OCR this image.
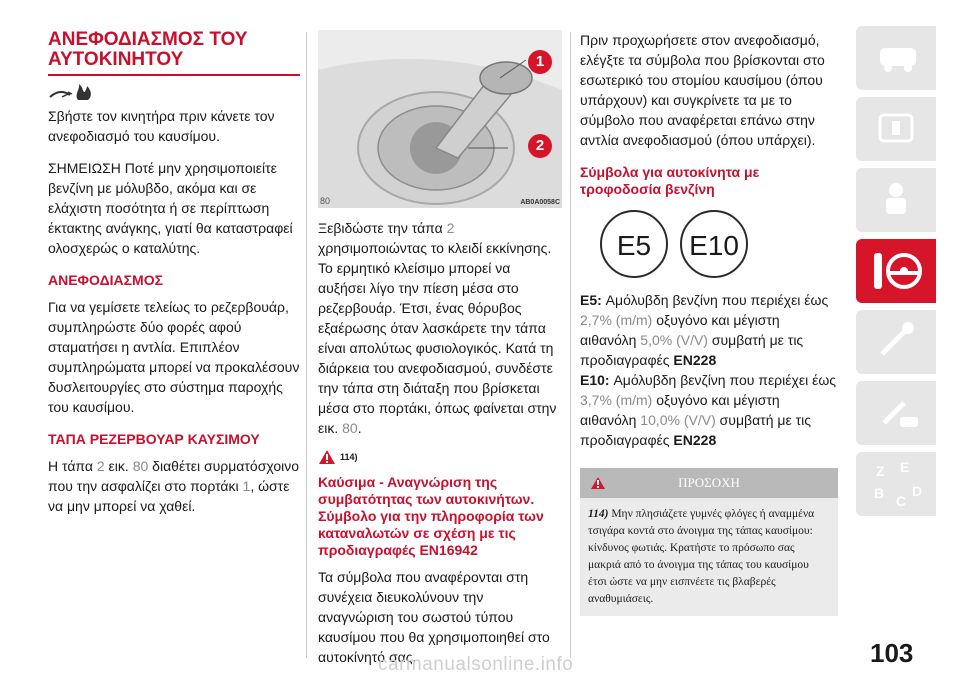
ΑΝΕΦΟΔΙΑΣΜΟΣ ΤΟΥ ΑΥΤΟΚΙΝΗΤΟΥ

Σβήστε τον κινητήρα πριν κάνετε τον ανεφοδιασμό του καυσίμου.

ΣΗΜΕΙΩΣΗ Ποτέ μην χρησιμοποιείτε βενζίνη με μόλυβδο, ακόμα και σε ελάχιστη ποσότητα ή σε περίπτωση έκτακτης ανάγκης, γιατί θα καταστραφεί ολοσχερώς ο καταλύτης.

ΑΝΕΦΟΔΙΑΣΜΟΣ

Για να γεμίσετε τελείως το ρεζερβουάρ, συμπληρώστε δύο φορές αφού σταματήσει η αντλία. Επιπλέον συμπληρώματα μπορεί να προκαλέσουν δυσλειτουργίες στο σύστημα παροχής του καυσίμου.

ΤΑΠΑ ΡΕΖΕΡΒΟΥΑΡ ΚΑΥΣΙΜΟΥ

Η τάπα 2 εικ. 80 διαθέτει συρματόσχοινο που την ασφαλίζει στο πορτάκι 1, ώστε να μην μπορεί να χαθεί.

1
2
80	AB0A0058C

Ξεβιδώστε την τάπα 2 χρησιμοποιώντας το κλειδί εκκίνησης. Το ερμητικό κλείσιμο μπορεί να αυξήσει λίγο την πίεση μέσα στο ρεζερβουάρ. Έτσι, ένας θόρυβος εξαέρωσης όταν λασκάρετε την τάπα είναι απολύτως φυσιολογικός. Κατά τη διάρκεια του ανεφοδιασμού, συνδέστε την τάπα στη διάταξη που βρίσκεται μέσα στο πορτάκι, όπως φαίνεται στην εικ. 80.

114)
Καύσιμα - Αναγνώριση της συμβατότητας των αυτοκινήτων. Σύμβολο για την πληροφορία των καταναλωτών σε σχέση με τις προδιαγραφές EN16942

Τα σύμβολα που αναφέρονται στη συνέχεια διευκολύνουν την αναγνώριση του σωστού τύπου καυσίμου που θα χρησιμοποιηθεί στο αυτοκίνητό σας.

Πριν προχωρήσετε στον ανεφοδιασμό, ελέγξτε τα σύμβολα που βρίσκονται στο εσωτερικό του στομίου καυσίμου (όπου υπάρχουν) και συγκρίνετε τα με το σύμβολο που αναφέρεται επάνω στην αντλία ανεφοδιασμού (όπου υπάρχει).

Σύμβολα για αυτοκίνητα με τροφοδοσία βενζίνη
E5	E10

E5: Αμόλυβδη βενζίνη που περιέχει έως 2,7% (m/m) οξυγόνο και μέγιστη αιθανόλη 5,0% (V/V) συμβατή με τις προδιαγραφές EN228

E10: Αμόλυβδη βενζίνη που περιέχει έως 3,7% (m/m) οξυγόνο και μέγιστη αιθανόλη 10,0% (V/V) συμβατή με τις προδιαγραφές EN228

ΠΡΟΣΟΧΗ
114) Μην πλησιάζετε γυμνές φλόγες ή αναμμένα τσιγάρα κοντά στο άνοιγμα της τάπας καυσίμου: κίνδυνος φωτιάς. Κρατήστε το πρόσωπο σας μακριά από το άνοιγμα της τάπας του καυσίμου έτσι ώστε να μην εισπνέετε τις βλαβερές αναθυμιάσεις.
Z E
B C
D
103
carmanualsonline.info
